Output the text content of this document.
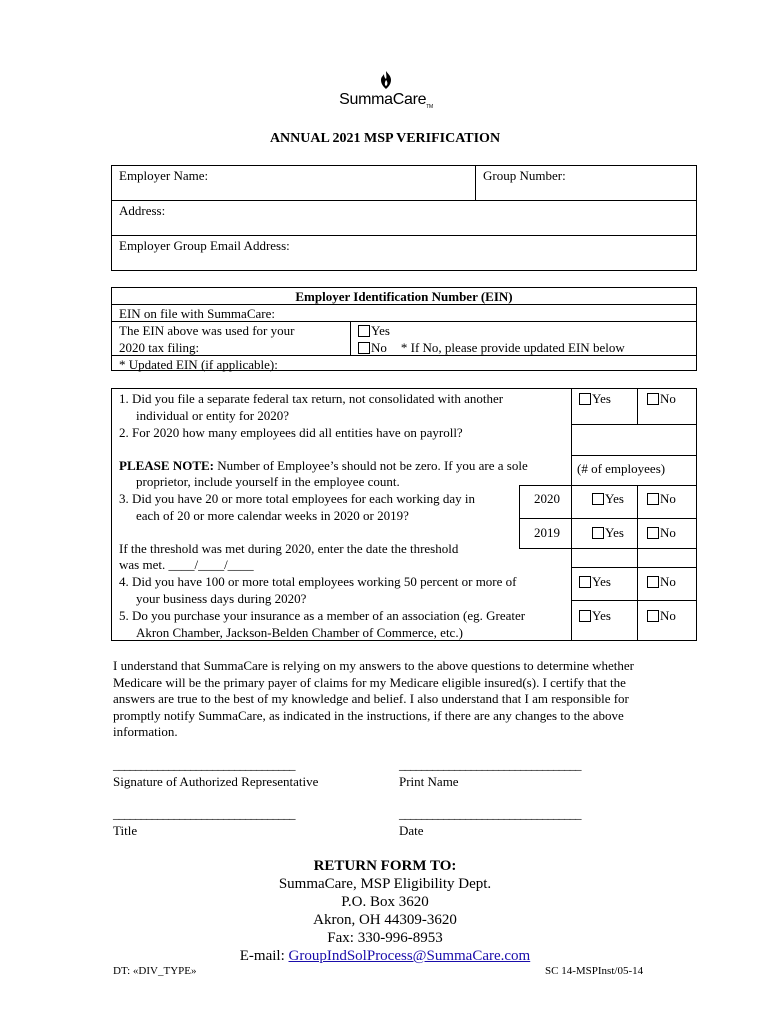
SummaCareTM
ANNUAL 2021 MSP VERIFICATION
Employer Name:	Group Number:
Address:
Employer Group Email Address:
Employer Identification Number (EIN)
EIN on file with SummaCare:
The EIN above was used for your
2020 tax filing:
Yes
No * If No, please provide updated EIN below
* Updated EIN (if applicable):
1. Did you file a separate federal tax return, not consolidated with another
individual or entity for 2020?
Yes	No
2. For 2020 how many employees did all entities have on payroll?
PLEASE NOTE: Number of Employee’s should not be zero. If you are a sole
proprietor, include yourself in the employee count.
(# of employees)
3. Did you have 20 or more total employees for each working day in
each of 20 or more calendar weeks in 2020 or 2019?
2020	Yes	No
2019	Yes	No
If the threshold was met during 2020, enter the date the threshold
was met. ____/____/____
4. Did you have 100 or more total employees working 50 percent or more of
your business days during 2020?
Yes	No
5. Do you purchase your insurance as a member of an association (eg. Greater
Akron Chamber, Jackson-Belden Chamber of Commerce, etc.)
Yes	No
I understand that SummaCare is relying on my answers to the above questions to determine whether Medicare will be the primary payer of claims for my Medicare eligible insured(s). I certify that the answers are true to the best of my knowledge and belief. I also understand that I am responsible for promptly notify SummaCare, as indicated in the instructions, if there are any changes to the above information.
_________________________________	_________________________________
Signature of Authorized Representative	Print Name
_________________________________	_________________________________
Title	Date
RETURN FORM TO:
SummaCare, MSP Eligibility Dept.
P.O. Box 3620
Akron, OH 44309-3620
Fax: 330-996-8953
E-mail: GroupIndSolProcess@SummaCare.com
DT: «DIV_TYPE»	SC 14-MSPInst/05-14
